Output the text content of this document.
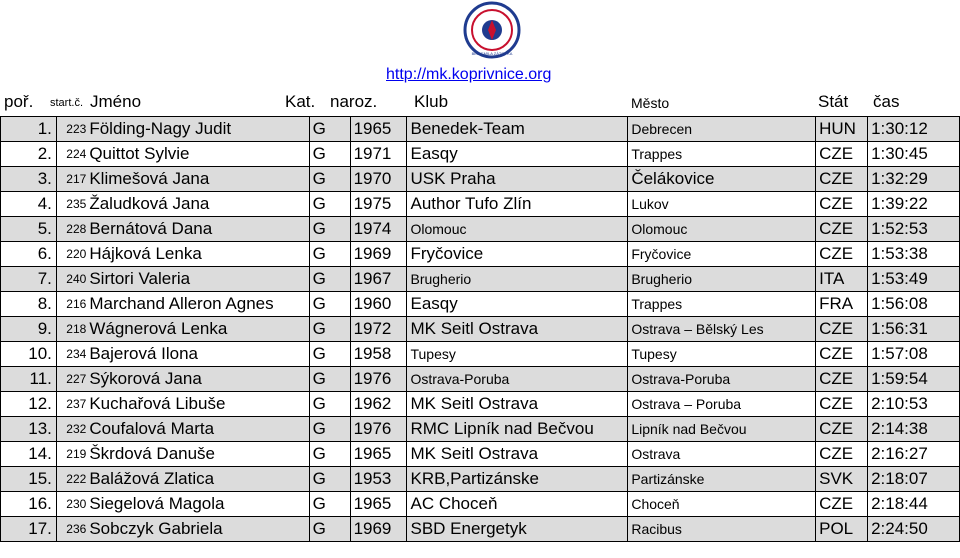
BĚH EMILA ZÁTOPKA
http://mk.koprivnice.org
poř. start.č. Jméno	Kat. naroz. Klub	Město	Stát čas
1.	223	Földing-Nagy Judit	G	1965	Benedek-Team	Debrecen	HUN	1:30:12
2.	224	Quittot Sylvie	G	1971	Easqy	Trappes	CZE	1:30:45
3.	217	Klimešová Jana	G	1970	USK Praha	Čelákovice	CZE	1:32:29
4.	235	Žaludková Jana	G	1975	Author Tufo Zlín	Lukov	CZE	1:39:22
5.	228	Bernátová Dana	G	1974	Olomouc	Olomouc	CZE	1:52:53
6.	220	Hájková Lenka	G	1969	Fryčovice	Fryčovice	CZE	1:53:38
7.	240	Sirtori Valeria	G	1967	Brugherio	Brugherio	ITA	1:53:49
8.	216	Marchand Alleron Agnes	G	1960	Easqy	Trappes	FRA	1:56:08
9.	218	Wágnerová Lenka	G	1972	MK Seitl Ostrava	Ostrava – Bělský Les	CZE	1:56:31
10.	234	Bajerová Ilona	G	1958	Tupesy	Tupesy	CZE	1:57:08
11.	227	Sýkorová Jana	G	1976	Ostrava-Poruba	Ostrava-Poruba	CZE	1:59:54
12.	237	Kuchařová Libuše	G	1962	MK Seitl Ostrava	Ostrava – Poruba	CZE	2:10:53
13.	232	Coufalová Marta	G	1976	RMC Lipník nad Bečvou	Lipník nad Bečvou	CZE	2:14:38
14.	219	Škrdová Danuše	G	1965	MK Seitl Ostrava	Ostrava	CZE	2:16:27
15.	222	Balážová Zlatica	G	1953	KRB,Partizánske	Partizánske	SVK	2:18:07
16.	230	Siegelová Magola	G	1965	AC Choceň	Choceň	CZE	2:18:44
17.	236	Sobczyk Gabriela	G	1969	SBD Energetyk	Racibus	POL	2:24:50
